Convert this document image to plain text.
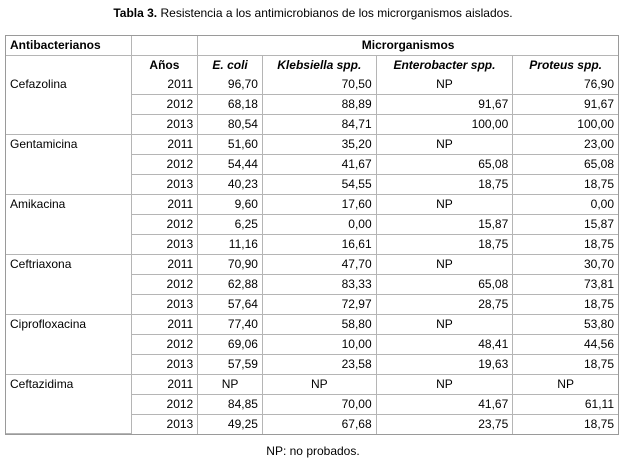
Tabla 3. Resistencia a los antimicrobianos de los microrganismos aislados.
Antibacterianos		Microrganismos			
	Años	E. coli	Klebsiella spp.	Enterobacter spp.	Proteus spp.
Cefazolina	2011	96,70	70,50	NP	76,90
	2012	68,18	88,89	91,67	91,67
	2013	80,54	84,71	100,00	100,00
Gentamicina	2011	51,60	35,20	NP	23,00
	2012	54,44	41,67	65,08	65,08
	2013	40,23	54,55	18,75	18,75
Amikacina	2011	9,60	17,60	NP	0,00
	2012	6,25	0,00	15,87	15,87
	2013	11,16	16,61	18,75	18,75
Ceftriaxona	2011	70,90	47,70	NP	30,70
	2012	62,88	83,33	65,08	73,81
	2013	57,64	72,97	28,75	18,75
Ciprofloxacina	2011	77,40	58,80	NP	53,80
	2012	69,06	10,00	48,41	44,56
	2013	57,59	23,58	19,63	18,75
Ceftazidima	2011	NP	NP	NP	NP
	2012	84,85	70,00	41,67	61,11
	2013	49,25	67,68	23,75	18,75
NP: no probados.
